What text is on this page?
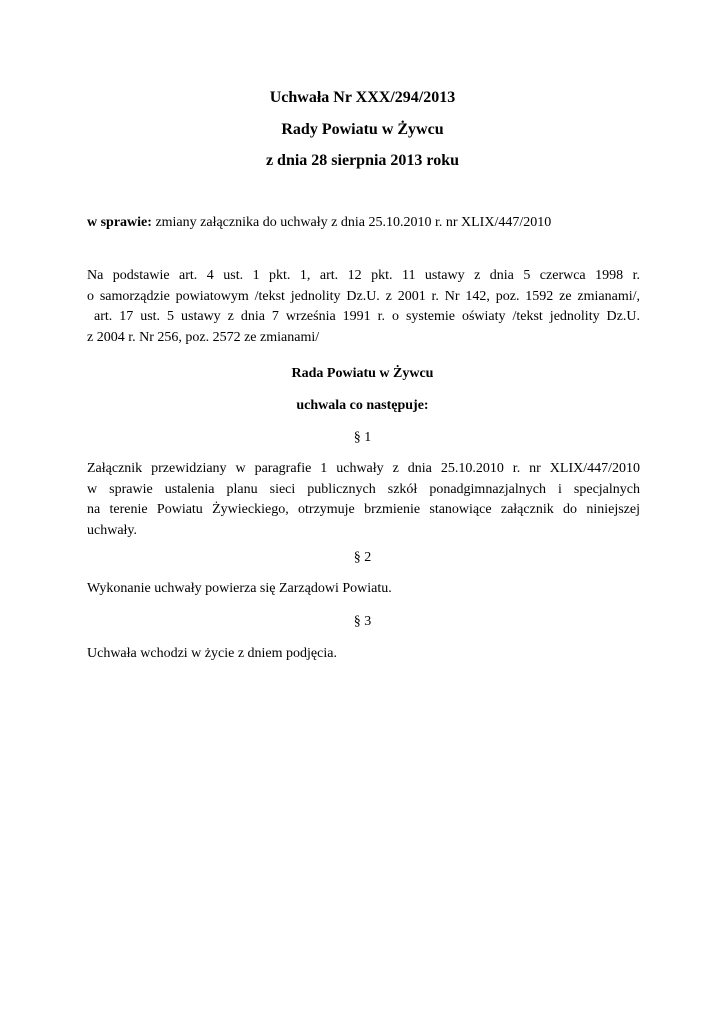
Uchwała Nr XXX/294/2013
Rady Powiatu w Żywcu
z dnia 28 sierpnia 2013 roku
w sprawie: zmiany załącznika do uchwały z dnia 25.10.2010 r. nr XLIX/447/2010
Na podstawie art. 4 ust. 1 pkt. 1, art. 12 pkt. 11 ustawy z dnia 5 czerwca 1998 r.
o samorządzie powiatowym /tekst jednolity Dz.U. z 2001 r. Nr 142, poz. 1592 ze zmianami/,
art. 17 ust. 5 ustawy z dnia 7 września 1991 r. o systemie oświaty /tekst jednolity Dz.U.
z 2004 r. Nr 256, poz. 2572 ze zmianami/
Rada Powiatu w Żywcu
uchwala co następuje:
§ 1
Załącznik przewidziany w paragrafie 1 uchwały z dnia 25.10.2010 r. nr XLIX/447/2010
w sprawie ustalenia planu sieci publicznych szkół ponadgimnazjalnych i specjalnych
na terenie Powiatu Żywieckiego, otrzymuje brzmienie stanowiące załącznik do niniejszej
uchwały.
§ 2
Wykonanie uchwały powierza się Zarządowi Powiatu.
§ 3
Uchwała wchodzi w życie z dniem podjęcia.
